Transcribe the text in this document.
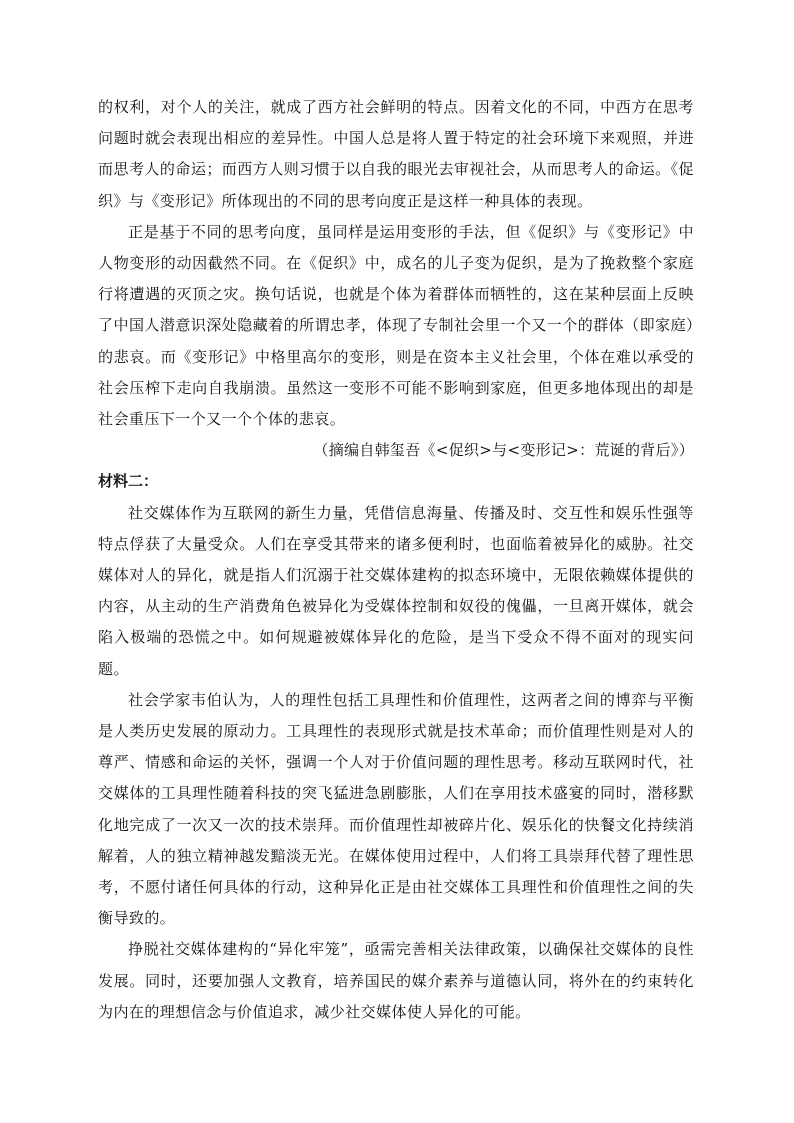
的权利，对个人的关注，就成了西方社会鲜明的特点。因着文化的不同，中西方在思考问题时就会表现出相应的差异性。中国人总是将人置于特定的社会环境下来观照，并进而思考人的命运；而西方人则习惯于以自我的眼光去审视社会，从而思考人的命运。《促织》与《变形记》所体现出的不同的思考向度正是这样一种具体的表现。

正是基于不同的思考向度，虽同样是运用变形的手法，但《促织》与《变形记》中人物变形的动因截然不同。在《促织》中，成名的儿子变为促织，是为了挽救整个家庭行将遭遇的灭顶之灾。换句话说，也就是个体为着群体而牺牲的，这在某种层面上反映了中国人潜意识深处隐藏着的所谓忠孝，体现了专制社会里一个又一个的群体（即家庭）的悲哀。而《变形记》中格里高尔的变形，则是在资本主义社会里，个体在难以承受的社会压榨下走向自我崩溃。虽然这一变形不可能不影响到家庭，但更多地体现出的却是社会重压下一个又一个个体的悲哀。

（摘编自韩玺吾《<促织>与<变形记>：荒诞的背后》）

材料二：

社交媒体作为互联网的新生力量，凭借信息海量、传播及时、交互性和娱乐性强等特点俘获了大量受众。人们在享受其带来的诸多便利时，也面临着被异化的威胁。社交媒体对人的异化，就是指人们沉溺于社交媒体建构的拟态环境中，无限依赖媒体提供的内容，从主动的生产消费角色被异化为受媒体控制和奴役的傀儡，一旦离开媒体，就会陷入极端的恐慌之中。如何规避被媒体异化的危险，是当下受众不得不面对的现实问题。

社会学家韦伯认为，人的理性包括工具理性和价值理性，这两者之间的博弈与平衡是人类历史发展的原动力。工具理性的表现形式就是技术革命；而价值理性则是对人的尊严、情感和命运的关怀，强调一个人对于价值问题的理性思考。移动互联网时代，社交媒体的工具理性随着科技的突飞猛进急剧膨胀，人们在享用技术盛宴的同时，潜移默化地完成了一次又一次的技术崇拜。而价值理性却被碎片化、娱乐化的快餐文化持续消解着，人的独立精神越发黯淡无光。在媒体使用过程中，人们将工具崇拜代替了理性思考，不愿付诸任何具体的行动，这种异化正是由社交媒体工具理性和价值理性之间的失衡导致的。

挣脱社交媒体建构的“异化牢笼”，亟需完善相关法律政策，以确保社交媒体的良性发展。同时，还要加强人文教育，培养国民的媒介素养与道德认同，将外在的约束转化为内在的理想信念与价值追求，减少社交媒体使人异化的可能。
